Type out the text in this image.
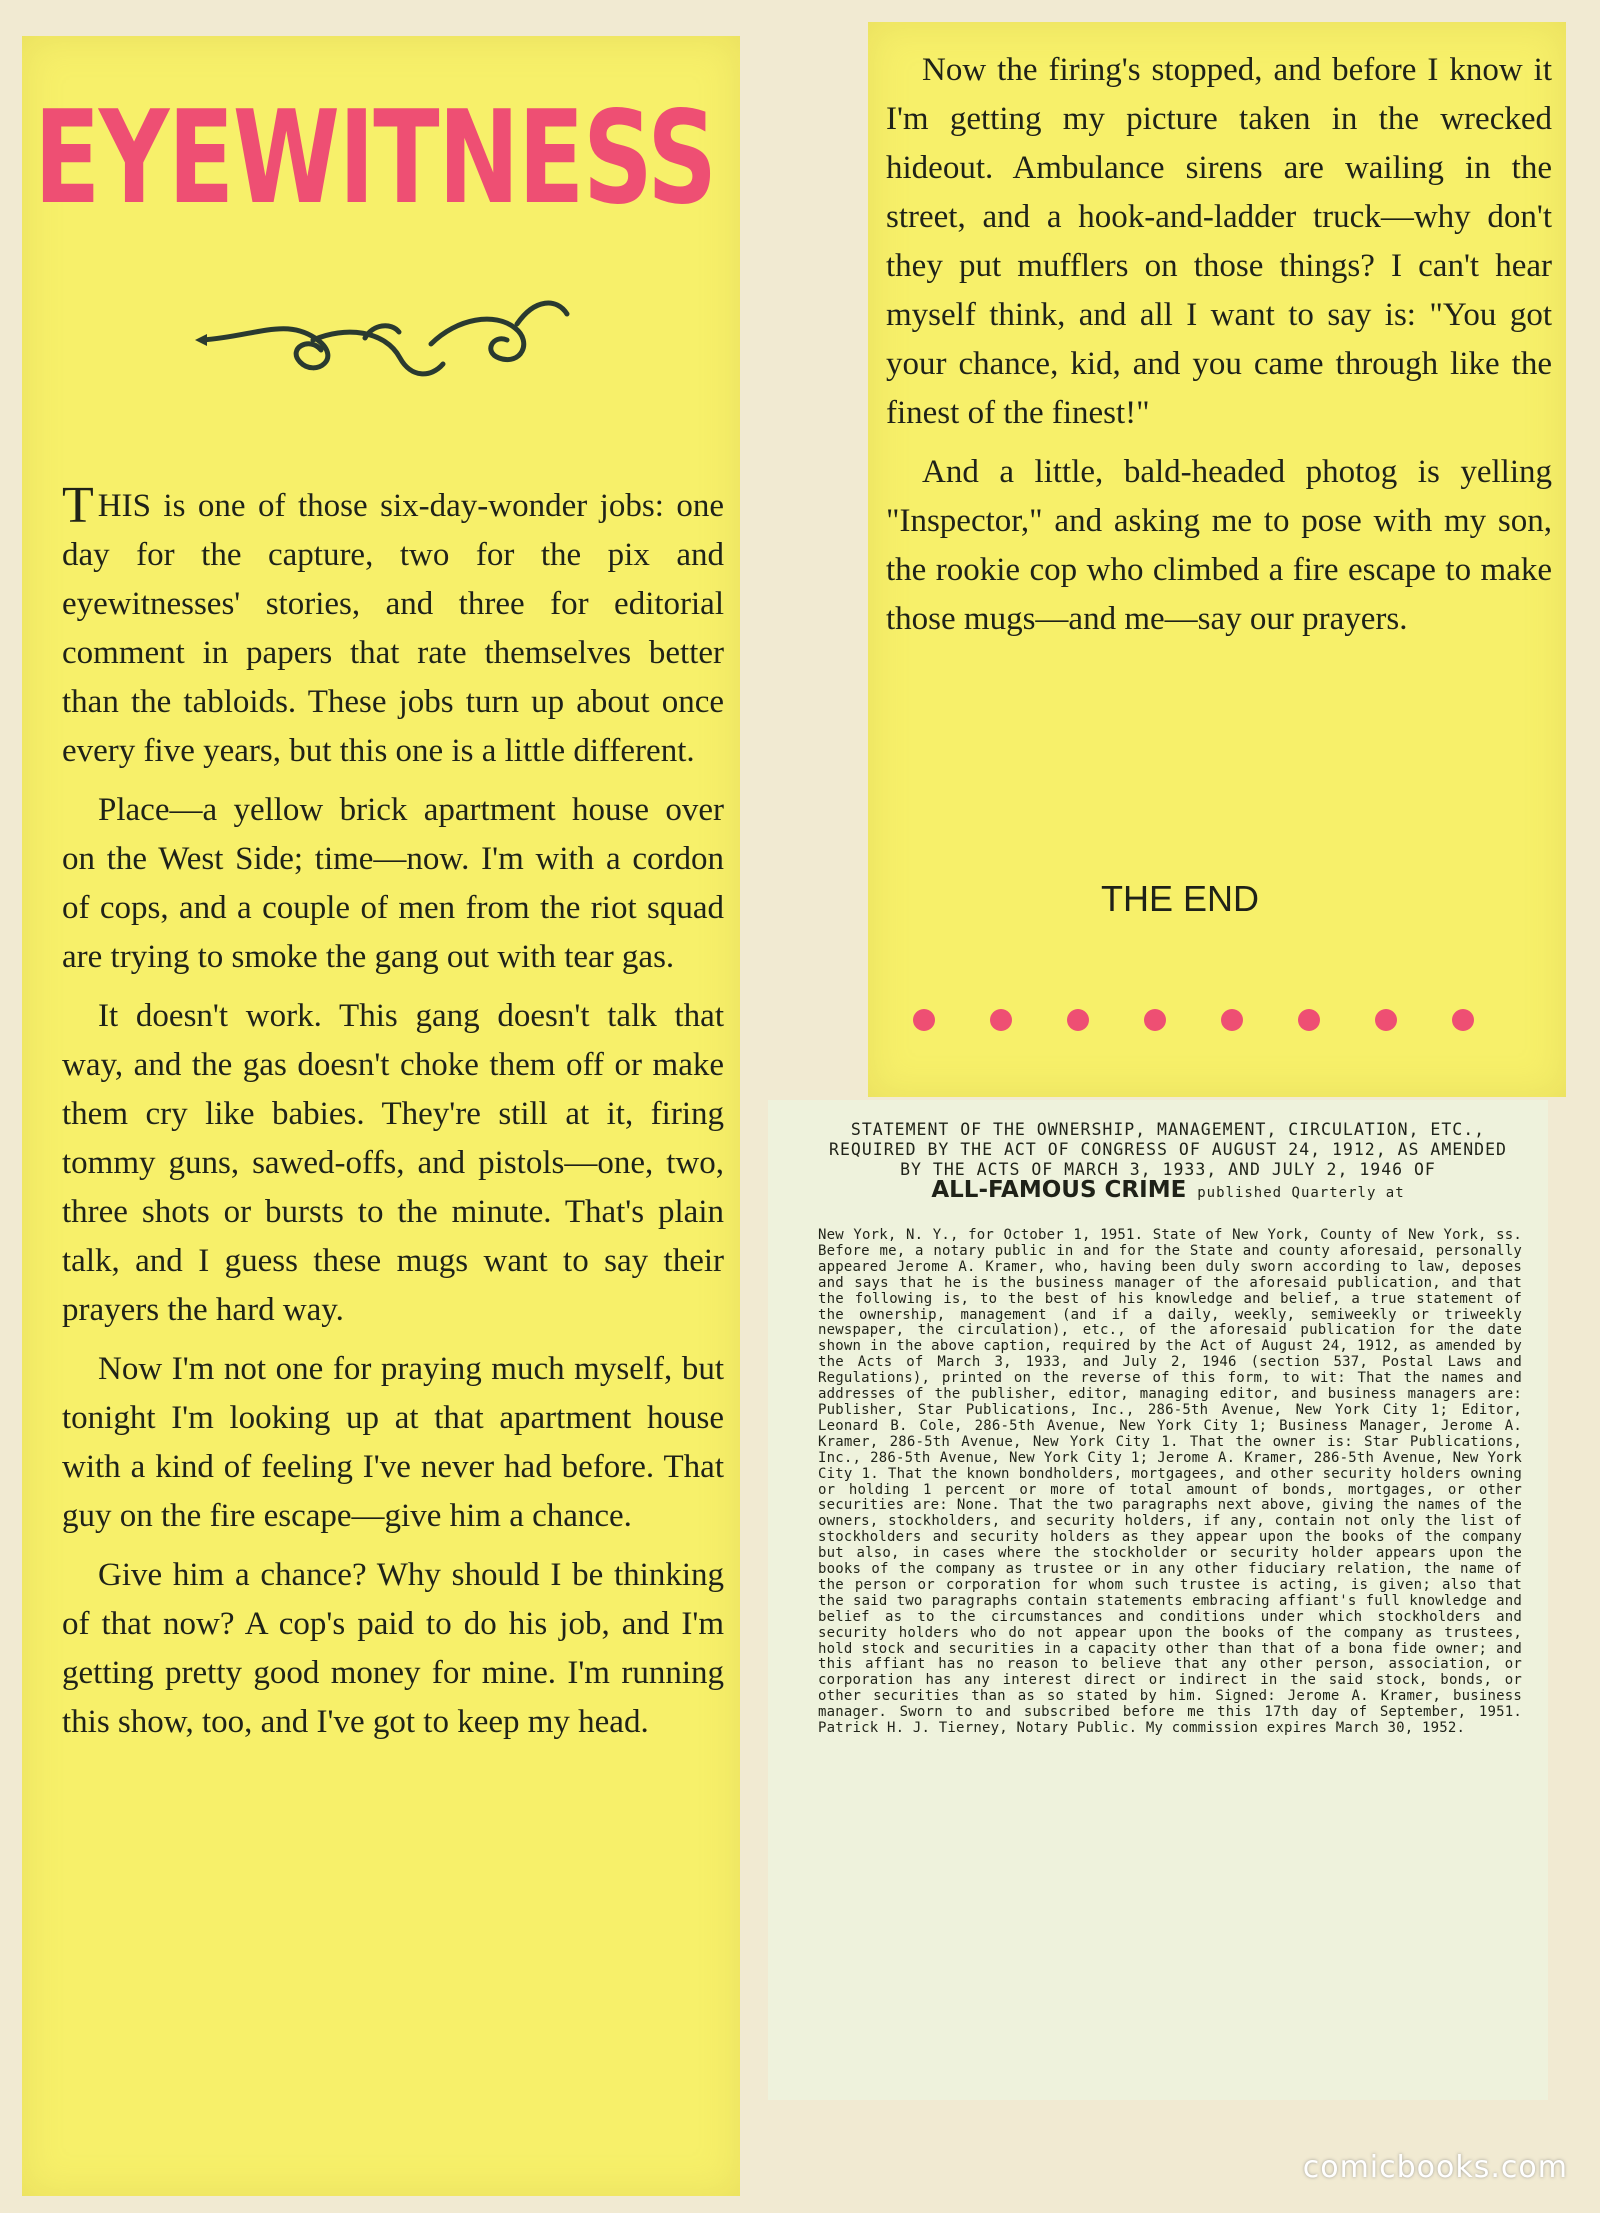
EYEWITNESS

THIS is one of those six-day-wonder jobs: one day for the capture, two for the pix and eyewitnesses' stories, and three for editorial comment in papers that rate themselves better than the tabloids. These jobs turn up about once every five years, but this one is a little different.

Place—a yellow brick apartment house over on the West Side; time—now. I'm with a cordon of cops, and a couple of men from the riot squad are trying to smoke the gang out with tear gas.

It doesn't work. This gang doesn't talk that way, and the gas doesn't choke them off or make them cry like babies. They're still at it, firing tommy guns, sawed-offs, and pistols—one, two, three shots or bursts to the minute. That's plain talk, and I guess these mugs want to say their prayers the hard way.

Now I'm not one for praying much myself, but tonight I'm looking up at that apartment house with a kind of feeling I've never had before. That guy on the fire escape—give him a chance.

Give him a chance? Why should I be thinking of that now? A cop's paid to do his job, and I'm getting pretty good money for mine. I'm running this show, too, and I've got to keep my head.

Now the firing's stopped, and before I know it I'm getting my picture taken in the wrecked hideout. Ambulance sirens are wailing in the street, and a hook-and-ladder truck—why don't they put mufflers on those things? I can't hear myself think, and all I want to say is: "You got your chance, kid, and you came through like the finest of the finest!"

And a little, bald-headed photog is yelling "Inspector," and asking me to pose with my son, the rookie cop who climbed a fire escape to make those mugs—and me—say our prayers.

THE END
STATEMENT OF THE OWNERSHIP, MANAGEMENT, CIRCULATION, ETC., REQUIRED BY THE ACT OF CONGRESS OF AUGUST 24, 1912, AS AMENDED BY THE ACTS OF MARCH 3, 1933, AND JULY 2, 1946 OF
ALL-FAMOUS CRIME published Quarterly at
New York, N. Y., for October 1, 1951. State of New York, County of New York, ss. Before me, a notary public in and for the State and county aforesaid, personally appeared Jerome A. Kramer, who, having been duly sworn according to law, deposes and says that he is the business manager of the aforesaid publication, and that the following is, to the best of his knowledge and belief, a true statement of the ownership, management (and if a daily, weekly, semiweekly or triweekly newspaper, the circulation), etc., of the aforesaid publication for the date shown in the above caption, required by the Act of August 24, 1912, as amended by the Acts of March 3, 1933, and July 2, 1946 (section 537, Postal Laws and Regulations), printed on the reverse of this form, to wit: That the names and addresses of the publisher, editor, managing editor, and business managers are: Publisher, Star Publications, Inc., 286-5th Avenue, New York City 1; Editor, Leonard B. Cole, 286-5th Avenue, New York City 1; Business Manager, Jerome A. Kramer, 286-5th Avenue, New York City 1. That the owner is: Star Publications, Inc., 286-5th Avenue, New York City 1; Jerome A. Kramer, 286-5th Avenue, New York City 1. That the known bondholders, mortgagees, and other security holders owning or holding 1 percent or more of total amount of bonds, mortgages, or other securities are: None. That the two paragraphs next above, giving the names of the owners, stockholders, and security holders, if any, contain not only the list of stockholders and security holders as they appear upon the books of the company but also, in cases where the stockholder or security holder appears upon the books of the company as trustee or in any other fiduciary relation, the name of the person or corporation for whom such trustee is acting, is given; also that the said two paragraphs contain statements embracing affiant's full knowledge and belief as to the circumstances and conditions under which stockholders and security holders who do not appear upon the books of the company as trustees, hold stock and securities in a capacity other than that of a bona fide owner; and this affiant has no reason to believe that any other person, association, or corporation has any interest direct or indirect in the said stock, bonds, or other securities than as so stated by him. Signed: Jerome A. Kramer, business manager. Sworn to and subscribed before me this 17th day of September, 1951. Patrick H. J. Tierney, Notary Public. My commission expires March 30, 1952.
comicbooks.com
